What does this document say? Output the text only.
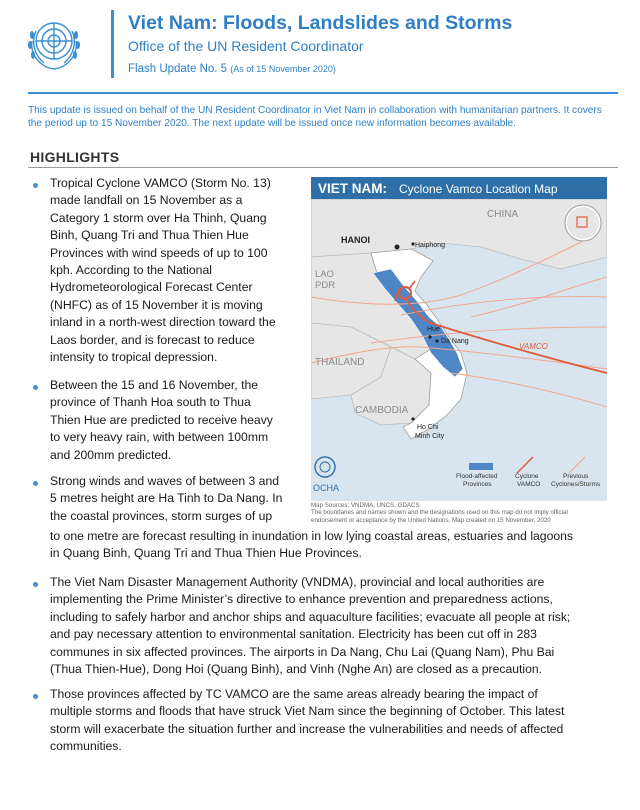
Viet Nam: Floods, Landslides and Storms
Office of the UN Resident Coordinator
Flash Update No. 5 (As of 15 November 2020)
This update is issued on behalf of the UN Resident Coordinator in Viet Nam in collaboration with humanitarian partners. It covers the period up to 15 November 2020. The next update will be issued once new information becomes available.
HIGHLIGHTS
Tropical Cyclone VAMCO (Storm No. 13)
made landfall on 15 November as a
Category 1 storm over Ha Thinh, Quang
Binh, Quang Tri and Thua Thien Hue
Provinces with wind speeds of up to 100
kph. According to the National
Hydrometeorological Forecast Center
(NHFC) as of 15 November it is moving
inland in a north-west direction toward the
Laos border, and is forecast to reduce
intensity to tropical depression.
Between the 15 and 16 November, the
province of Thanh Hoa south to Thua
Thien Hue are predicted to receive heavy
to very heavy rain, with between 100mm
and 200mm predicted.
Strong winds and waves of between 3 and
5 metres height are Ha Tinh to Da Nang. In
the coastal provinces, storm surges of up
to one metre are forecast resulting in inundation in low lying coastal areas, estuaries and lagoons
in Quang Binh, Quang Tri and Thua Thien Hue Provinces.
The Viet Nam Disaster Management Authority (VNDMA), provincial and local authorities are
implementing the Prime Minister’s directive to enhance prevention and preparedness actions,
including to safely harbor and anchor ships and aquaculture facilities; evacuate all people at risk;
and pay necessary attention to environmental sanitation. Electricity has been cut off in 283
communes in six affected provinces. The airports in Da Nang, Chu Lai (Quang Nam), Phu Bai
(Thua Thien-Hue), Dong Hoi (Quang Binh), and Vinh (Nghe An) are closed as a precaution.
Those provinces affected by TC VAMCO are the same areas already bearing the impact of
multiple storms and floods that have struck Viet Nam since the beginning of October. This latest
storm will exacerbate the situation further and increase the vulnerabilities and needs of affected
communities.
VIET NAM: Cyclone Vamco Location Map
CHINA
LAO
PDR
THAILAND
CAMBODIA
HANOI
Haiphong
Hue
Da Nang
Ho Chi
Minh City
VAMCO
OCHA
Flood-affected
Provinces
Cyclone
VAMCO
Previous
Cyclones/Storms
Map Sources: VNDMA, UNCS, GDACS
The boundaries and names shown and the designations used on this map do not imply official
endorsement or acceptance by the United Nations. Map created on 15 November, 2020
